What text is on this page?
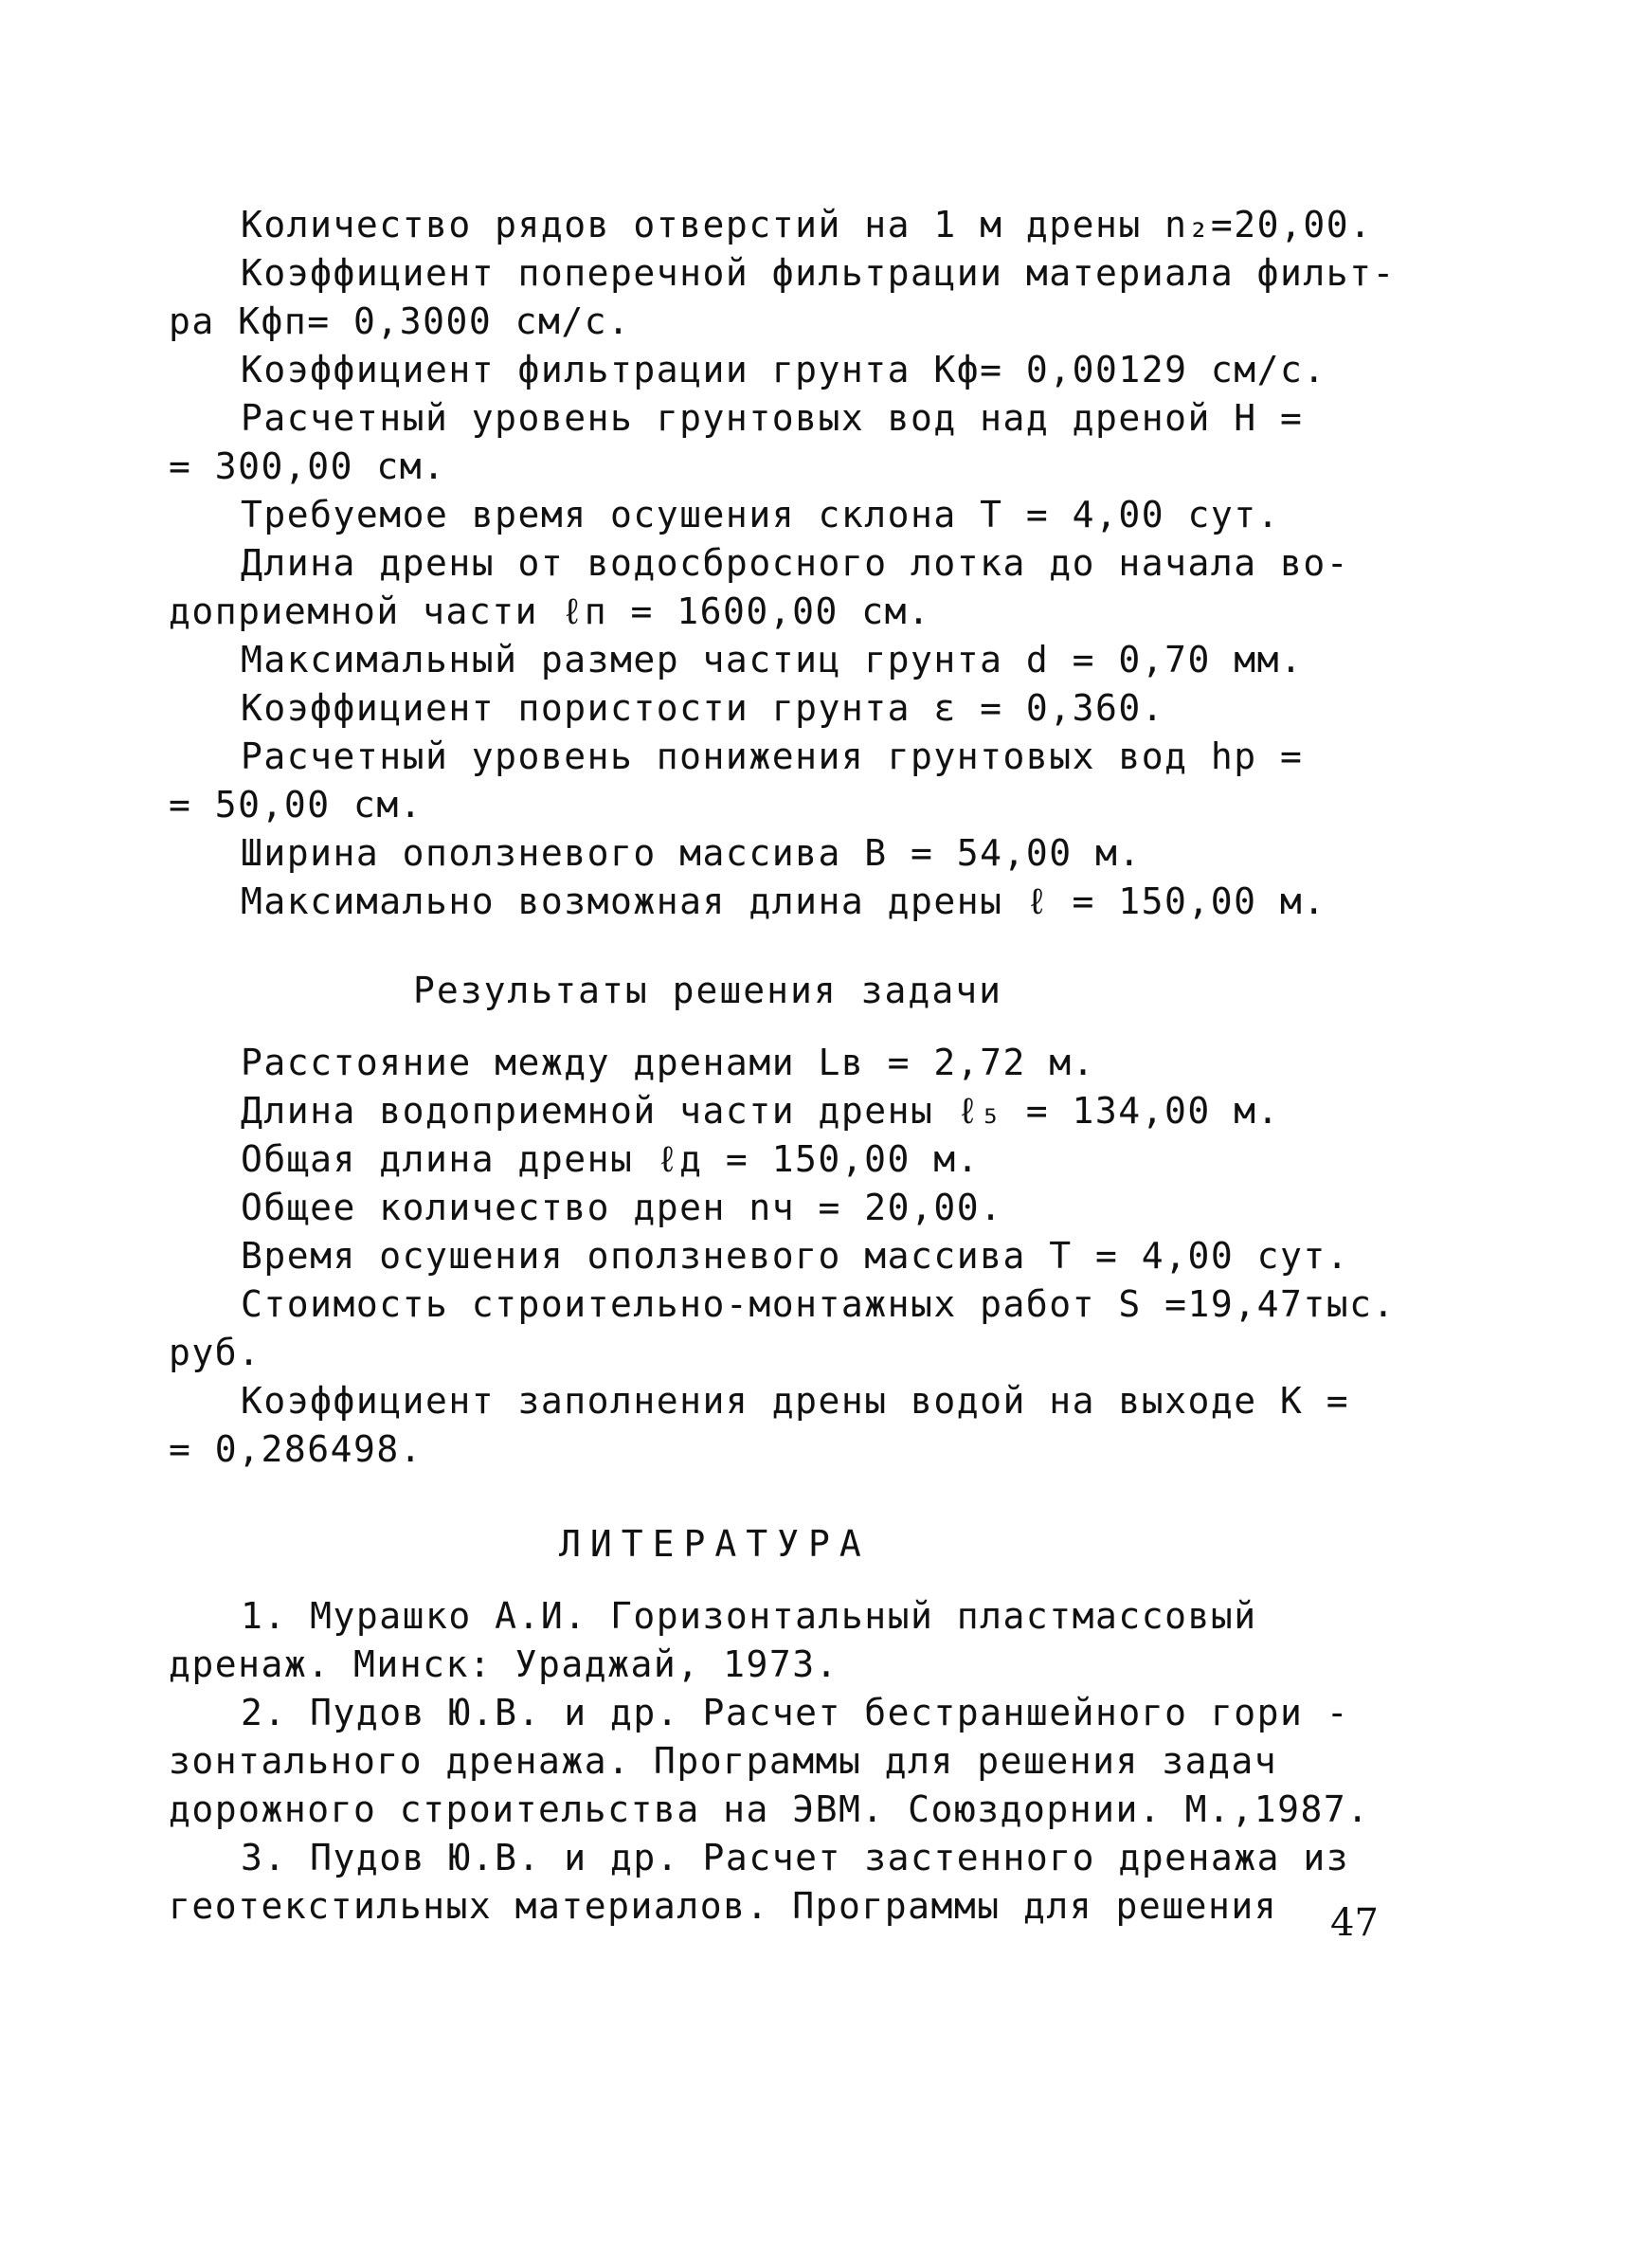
Количество рядов отверстий на 1 м дрены n₂=20,00.
Коэффициент поперечной фильтрации материала фильт-
ра Кфп= 0,3000 см/с.
Коэффициент фильтрации грунта Кф= 0,00129 см/с.
Расчетный уровень грунтовых вод над дреной Н =
= 300,00 см.
Требуемое время осушения склона Т = 4,00 сут.
Длина дрены от водосбросного лотка до начала во-
доприемной части ℓп = 1600,00 см.
Максимальный размер частиц грунта d = 0,70 мм.
Коэффициент пористости грунта ε = 0,360.
Расчетный уровень понижения грунтовых вод hр =
= 50,00 см.
Ширина оползневого массива В = 54,00 м.
Максимально возможная длина дрены ℓ = 150,00 м.
Результаты решения задачи
Расстояние между дренами Lв = 2,72 м.
Длина водоприемной части дрены ℓ₅ = 134,00 м.
Общая длина дрены ℓд = 150,00 м.
Общее количество дрен nч = 20,00.
Время осушения оползневого массива Т = 4,00 сут.
Стоимость строительно-монтажных работ S =19,47тыс.
руб.
Коэффициент заполнения дрены водой на выходе К =
= 0,286498.
ЛИТЕРАТУРА
1. Мурашко А.И. Горизонтальный пластмассовый
дренаж. Минск: Ураджай, 1973.
2. Пудов Ю.В. и др. Расчет бестраншейного гори -
зонтального дренажа. Программы для решения задач
дорожного строительства на ЭВМ. Союздорнии. М.,1987.
3. Пудов Ю.В. и др. Расчет застенного дренажа из
геотекстильных материалов. Программы для решения	47
